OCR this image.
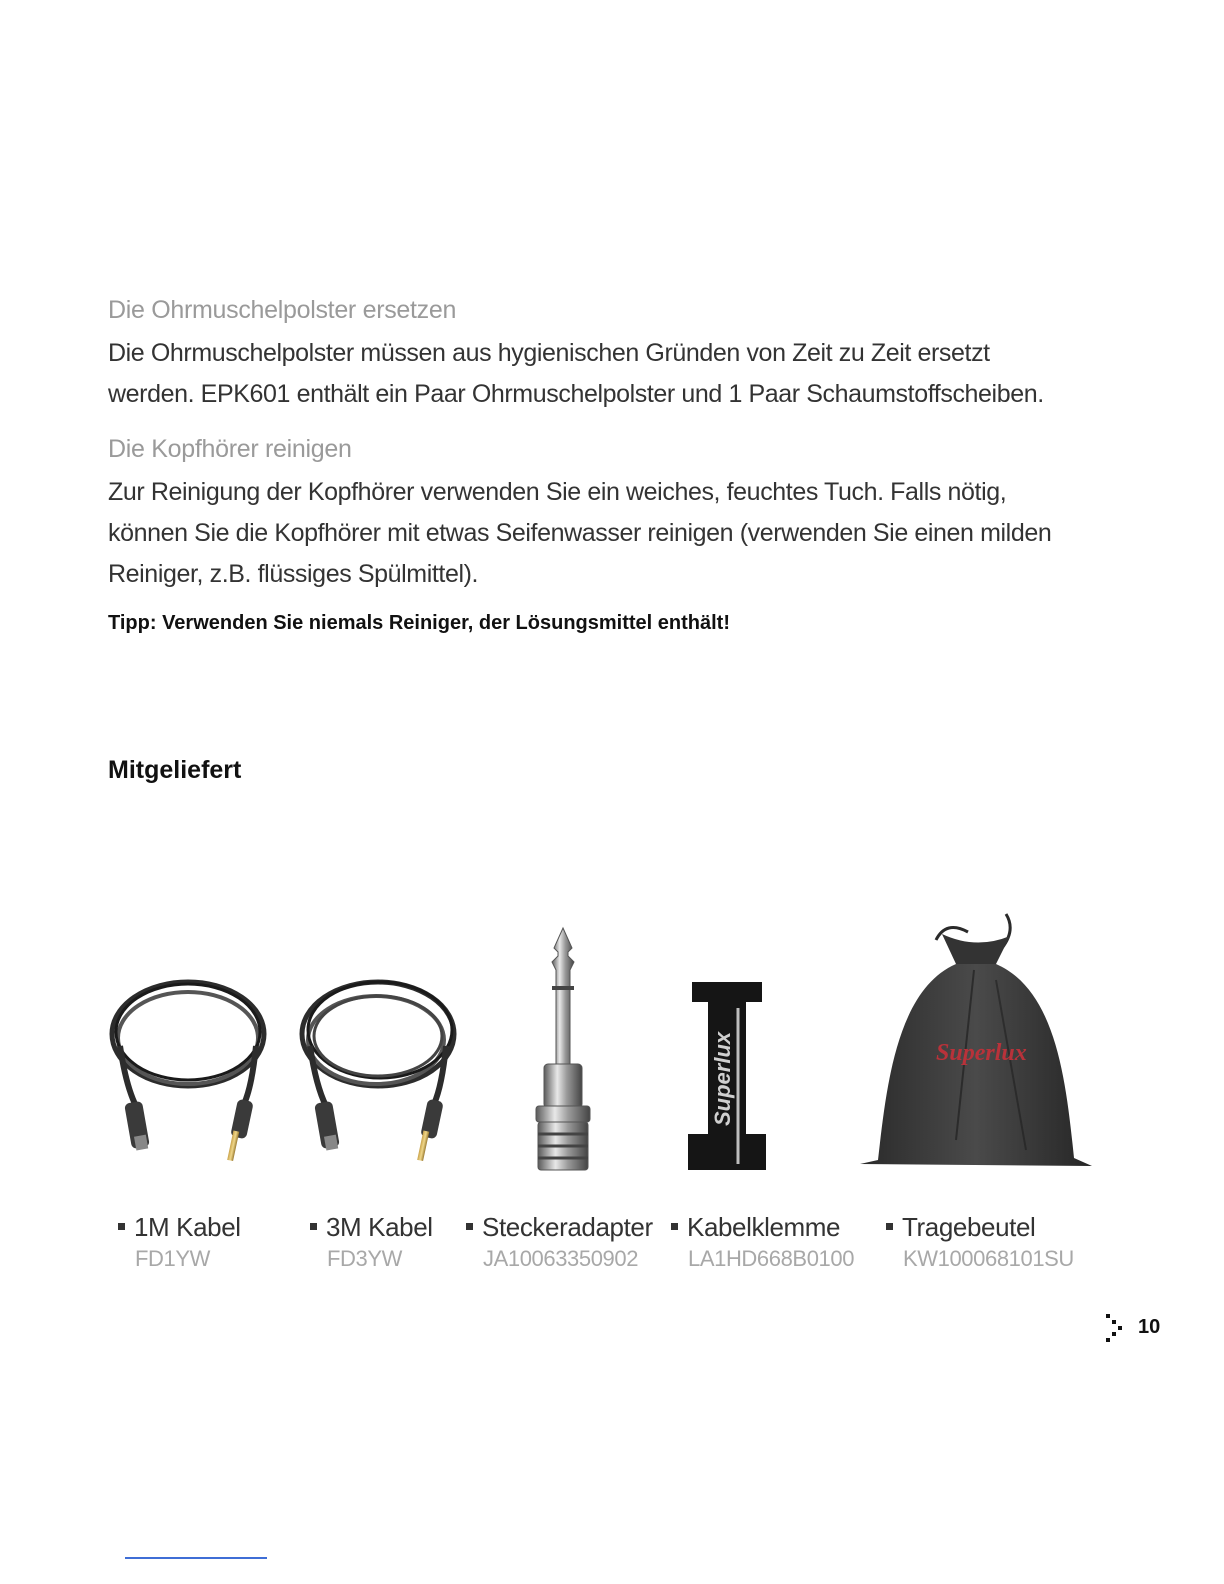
Die Ohrmuschelpolster ersetzen

Die Ohrmuschelpolster müssen aus hygienischen Gründen von Zeit zu Zeit ersetzt
werden. EPK601 enthält ein Paar Ohrmuschelpolster und 1 Paar Schaumstoffscheiben.

Die Kopfhörer reinigen

Zur Reinigung der Kopfhörer verwenden Sie ein weiches, feuchtes Tuch. Falls nötig,
können Sie die Kopfhörer mit etwas Seifenwasser reinigen (verwenden Sie einen milden
Reiniger, z.B. flüssiges Spülmittel).

Tipp: Verwenden Sie niemals Reiniger, der Lösungsmittel enthält!

Mitgeliefert
Superlux	Superlux
1M Kabel
FD1YW
3M Kabel
FD3YW
Steckeradapter
JA10063350902
Kabelklemme
LA1HD668B0100
Tragebeutel
KW100068101SU
10
